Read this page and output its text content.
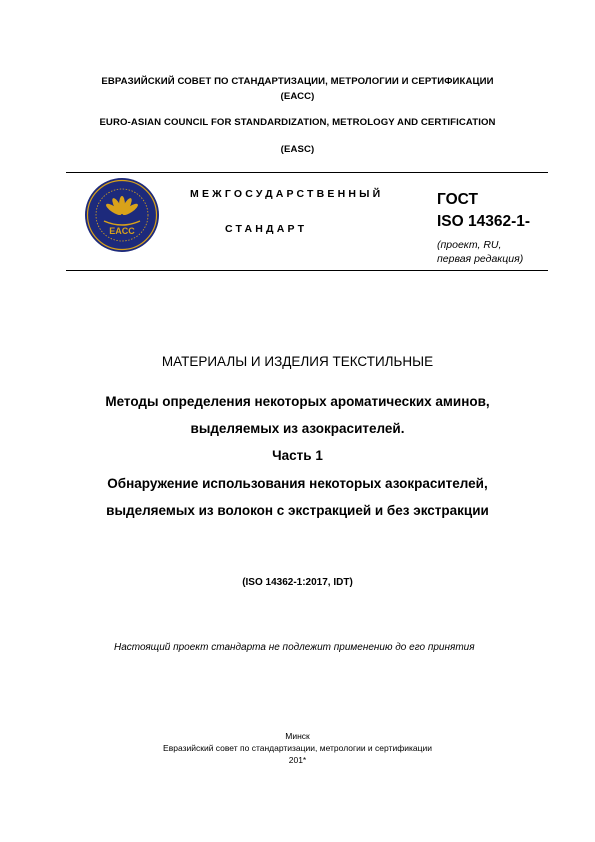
ЕВРАЗИЙСКИЙ СОВЕТ ПО СТАНДАРТИЗАЦИИ, МЕТРОЛОГИИ И СЕРТИФИКАЦИИ
(ЕАСС)
EURO-ASIAN COUNCIL FOR STANDARDIZATION, METROLOGY AND CERTIFICATION
(EASC)
EACC
МЕЖГОСУДАРСТВЕННЫЙ
СТАНДАРТ
ГОСТ
ISO 14362-1-
(проект, RU,
первая редакция)
МАТЕРИАЛЫ И ИЗДЕЛИЯ ТЕКСТИЛЬНЫЕ
Методы определения некоторых ароматических аминов,
выделяемых из азокрасителей.
Часть 1
Обнаружение использования некоторых азокрасителей,
выделяемых из волокон с экстракцией и без экстракции
(ISO 14362-1:2017, IDT)
Настоящий проект стандарта не подлежит применению до его принятия
Минск
Евразийский совет по стандартизации, метрологии и сертификации
201*
